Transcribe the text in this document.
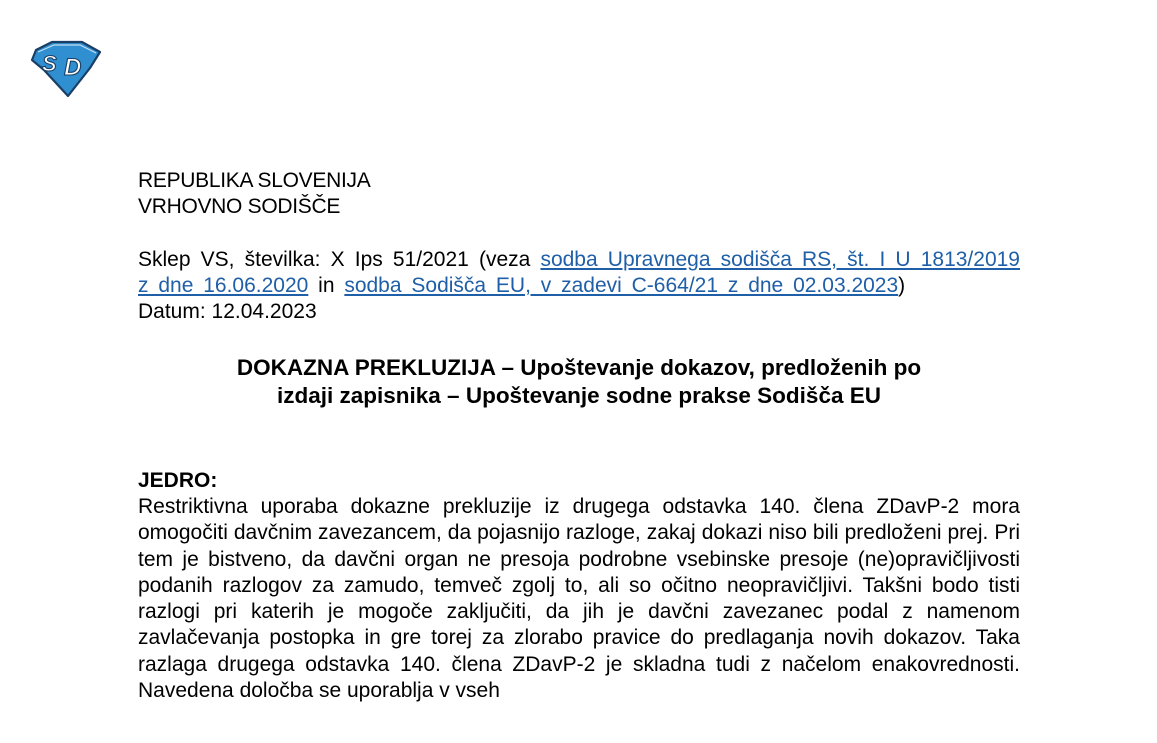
S D
REPUBLIKA SLOVENIJA
VRHOVNO SODIŠČE
Sklep VS, številka: X Ips 51/2021 (veza sodba Upravnega sodišča RS, št. I U 1813/2019 z dne 16.06.2020 in sodba Sodišča EU, v zadevi C-664/21 z dne 02.03.2023)
Datum: 12.04.2023
DOKAZNA PREKLUZIJA – Upoštevanje dokazov, predloženih po
izdaji zapisnika – Upoštevanje sodne prakse Sodišča EU
JEDRO:
Restriktivna uporaba dokazne prekluzije iz drugega odstavka 140. člena ZDavP-2 mora omogočiti davčnim zavezancem, da pojasnijo razloge, zakaj dokazi niso bili predloženi prej. Pri tem je bistveno, da davčni organ ne presoja podrobne vsebinske presoje (ne)opravičljivosti podanih razlogov za zamudo, temveč zgolj to, ali so očitno neopravičljivi. Takšni bodo tisti razlogi pri katerih je mogoče zaključiti, da jih je davčni zavezanec podal z namenom zavlačevanja postopka in gre torej za zlorabo pravice do predlaganja novih dokazov. Taka razlaga drugega odstavka 140. člena ZDavP-2 je skladna tudi z načelom enakovrednosti. Navedena določba se uporablja v vseh
